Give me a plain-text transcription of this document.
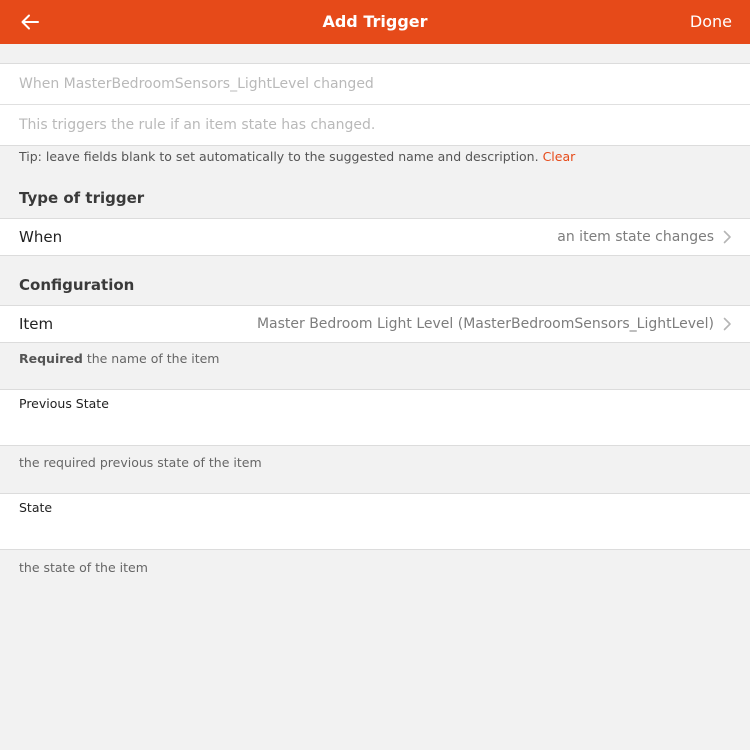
Add Trigger	Done
When MasterBedroomSensors_LightLevel changed
This triggers the rule if an item state has changed.
Tip: leave fields blank to set automatically to the suggested name and description. Clear
Type of trigger
When	an item state changes
Configuration
Item	Master Bedroom Light Level (MasterBedroomSensors_LightLevel)
Required the name of the item
Previous State
the required previous state of the item
State
the state of the item
